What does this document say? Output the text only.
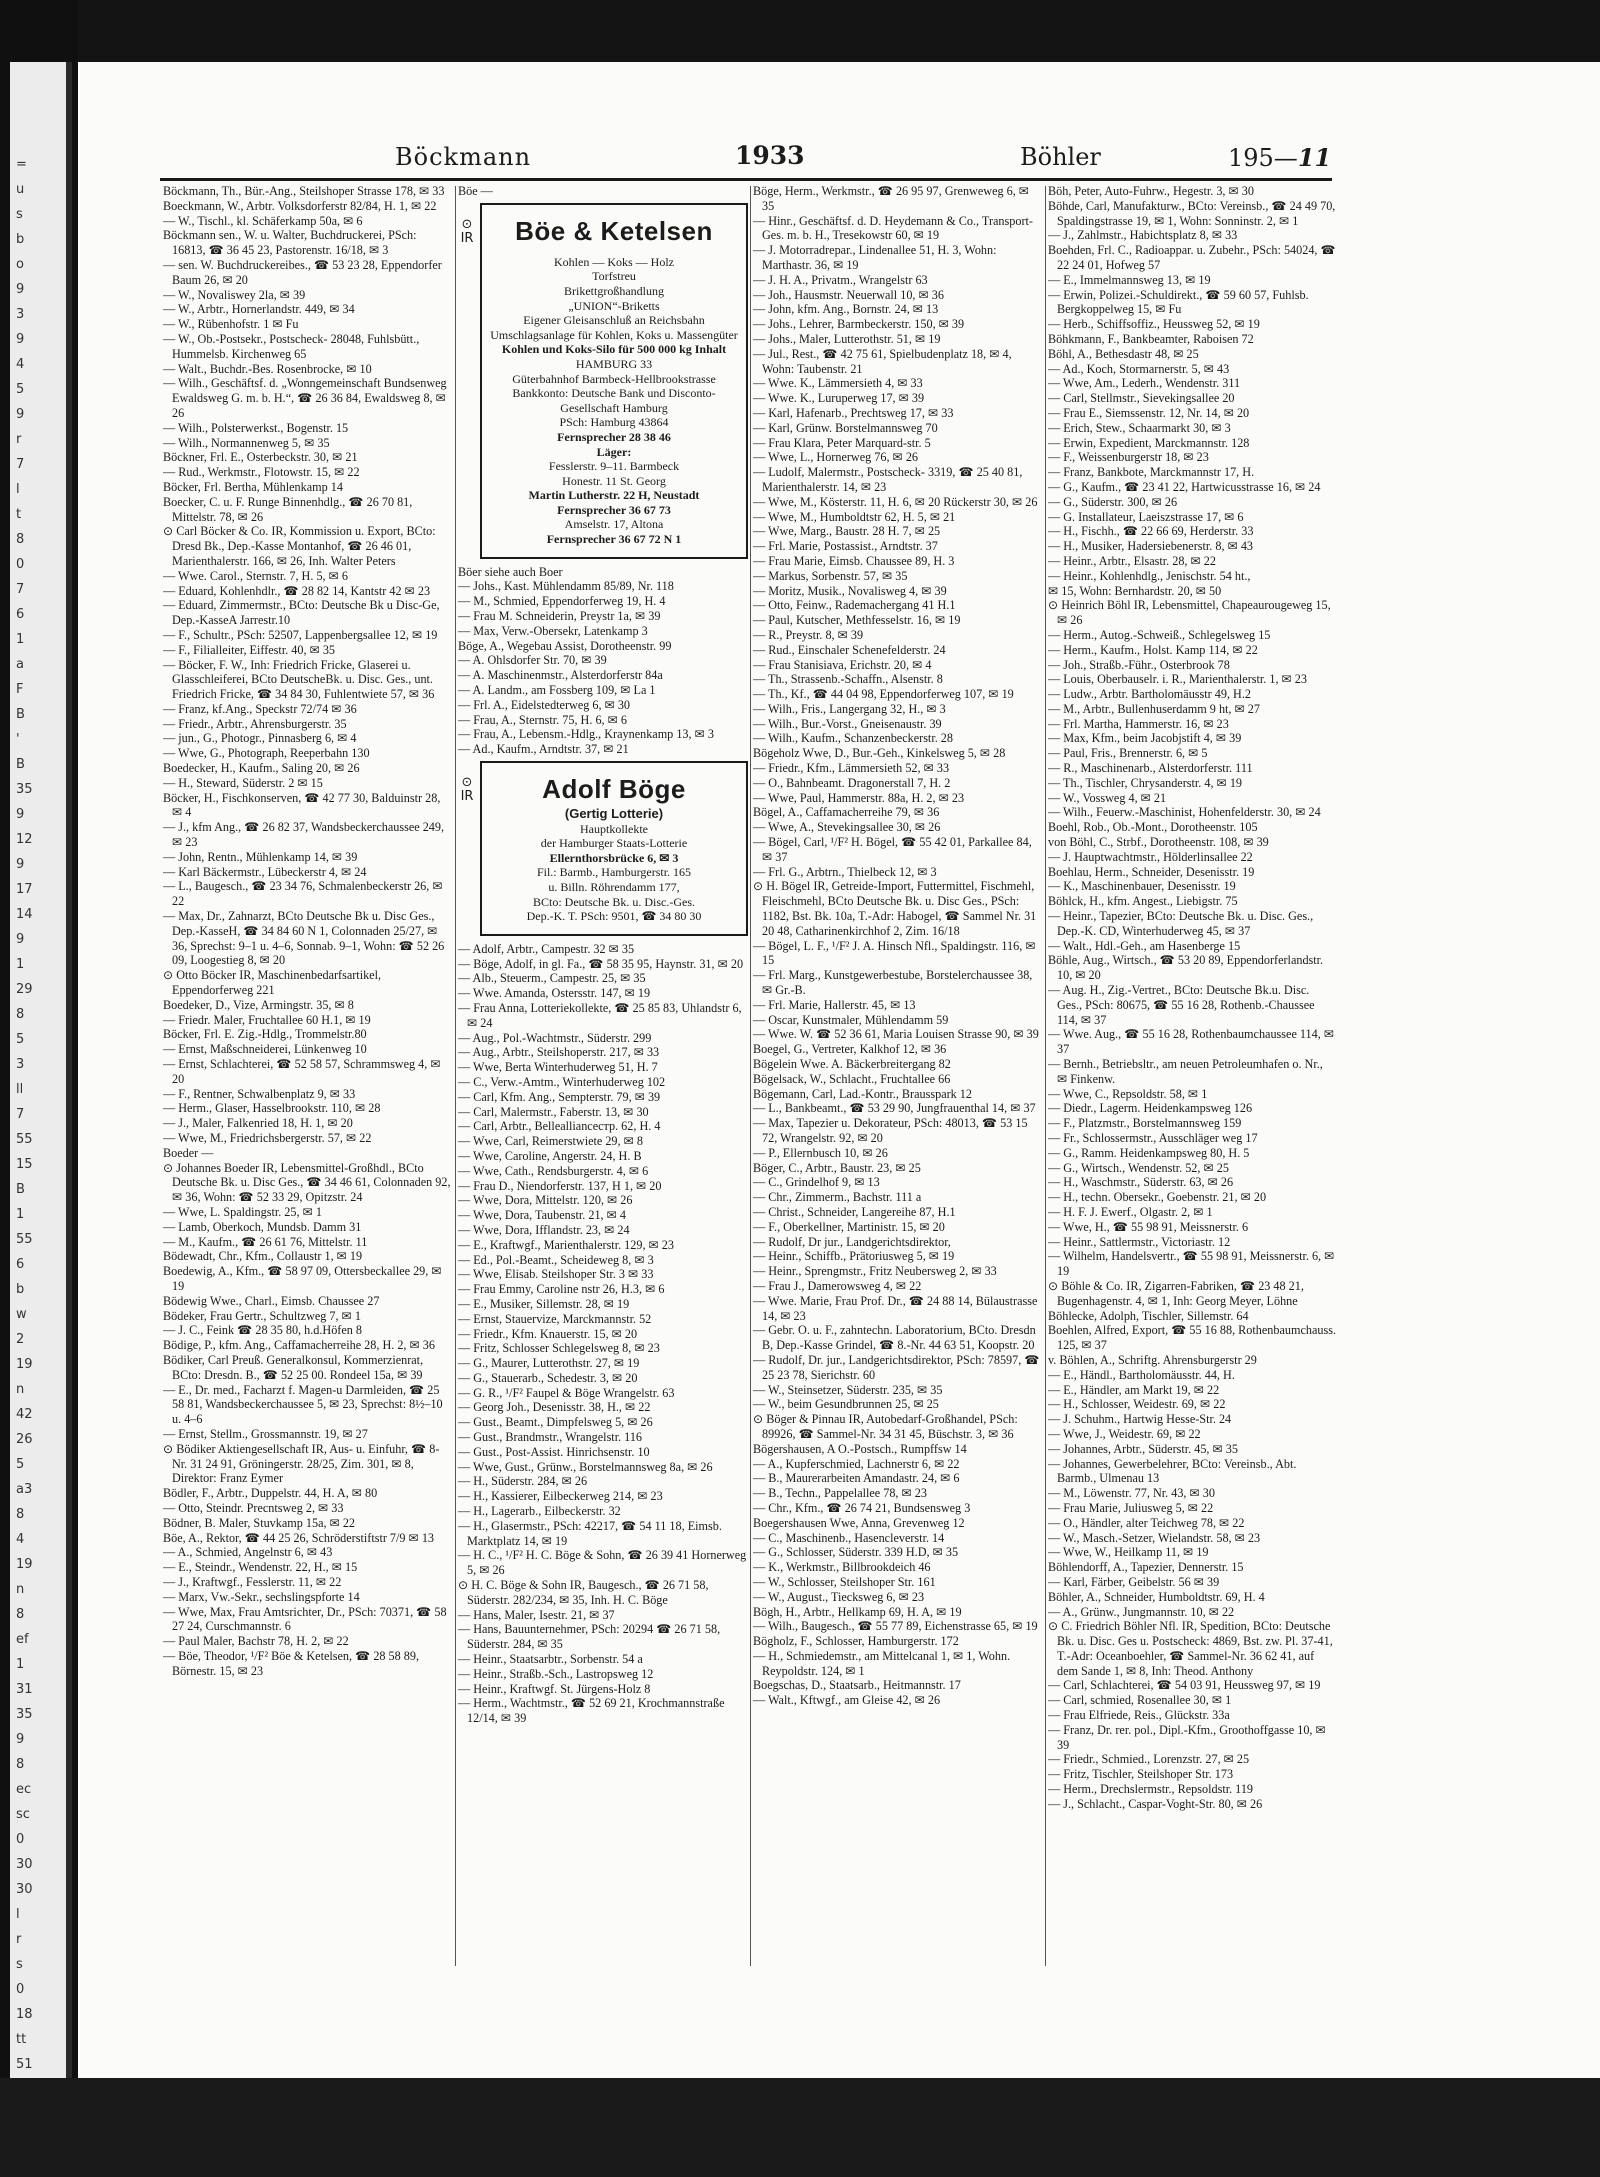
=
u
s
b
o
9
3
9
4
5
9
r
7
l
t
8
0
7
6
1
a
F
B
'
B
35
9
12
9
17
14
9
1
29
8
5
3
ll
7
55
15
B
1
55
6
b
w
2
19
n
42
26
5
a3
8
4
19
n
8
ef
1
31
35
9
8
ec
sc
0
30
30
l
r
s
0
18
tt
51
Böckmann	1933	Böhler	195—11
Böckmann, Th., Bür.-Ang., Steilshoper Strasse 178, ✉ 33
Boeckmann, W., Arbtr. Volksdorferstr 82/84, H. 1, ✉ 22
— W., Tischl., kl. Schäferkamp 50a, ✉ 6
Böckmann sen., W. u. Walter, Buchdruckerei, PSch: 16813, ☎ 36 45 23, Pastorenstr. 16/18, ✉ 3
— sen. W. Buchdruckereibes., ☎ 53 23 28, Eppendorfer Baum 26, ✉ 20
— W., Novaliswey 2la, ✉ 39
— W., Arbtr., Hornerlandstr. 449, ✉ 34
— W., Rübenhofstr. 1 ✉ Fu
— W., Ob.-Postsekr., Postscheck- 28048, Fuhlsbütt., Hummelsb. Kirchenweg 65
— Walt., Buchdr.-Bes. Rosenbrocke, ✉ 10
— Wilh., Geschäftsf. d. „Wonngemeinschaft Bundsenweg Ewaldsweg G. m. b. H.“, ☎ 26 36 84, Ewaldsweg 8, ✉ 26
— Wilh., Polsterwerkst., Bogenstr. 15
— Wilh., Normannenweg 5, ✉ 35
Böckner, Frl. E., Osterbeckstr. 30, ✉ 21
— Rud., Werkmstr., Flotowstr. 15, ✉ 22
Böcker, Frl. Bertha, Mühlenkamp 14
Boecker, C. u. F. Runge Binnenhdlg., ☎ 26 70 81, Mittelstr. 78, ✉ 26
⊙ Carl Böcker & Co. IR, Kommission u. Export, BCto: Dresd Bk., Dep.-Kasse Montanhof, ☎ 26 46 01, Marienthalerstr. 166, ✉ 26, Inh. Walter Peters
— Wwe. Carol., Sternstr. 7, H. 5, ✉ 6
— Eduard, Kohlenhdlr., ☎ 28 82 14, Kantstr 42 ✉ 23
— Eduard, Zimmermstr., BCto: Deutsche Bk u Disc-Ge, Dep.-KasseA Jarrestr.10
— F., Schultr., PSch: 52507, Lappenbergsallee 12, ✉ 19
— F., Filialleiter, Eiffestr. 40, ✉ 35
— Böcker, F. W., Inh: Friedrich Fricke, Glaserei u. Glasschleiferei, BCto DeutscheBk. u. Disc. Ges., unt. Friedrich Fricke, ☎ 34 84 30, Fuhlentwiete 57, ✉ 36
— Franz, kf.Ang., Speckstr 72/74 ✉ 36
— Friedr., Arbtr., Ahrensburgerstr. 35
— jun., G., Photogr., Pinnasberg 6, ✉ 4
— Wwe, G., Photograph, Reeperbahn 130
Boedecker, H., Kaufm., Saling 20, ✉ 26
— H., Steward, Süderstr. 2 ✉ 15
Böcker, H., Fischkonserven, ☎ 42 77 30, Balduinstr 28, ✉ 4
— J., kfm Ang., ☎ 26 82 37, Wandsbeckerchaussee 249, ✉ 23
— John, Rentn., Mühlenkamp 14, ✉ 39
— Karl Bäckermstr., Lübeckerstr 4, ✉ 24
— L., Baugesch., ☎ 23 34 76, Schmalenbeckerstr 26, ✉ 22
— Max, Dr., Zahnarzt, BCto Deutsche Bk u. Disc Ges., Dep.-KasseH, ☎ 34 84 60 N 1, Colonnaden 25/27, ✉ 36, Sprechst: 9–1 u. 4–6, Sonnab. 9–1, Wohn: ☎ 52 26 09, Loogestieg 8, ✉ 20
⊙ Otto Böcker IR, Maschinenbedarfsartikel, Eppendorferweg 221
Boedeker, D., Vize, Armingstr. 35, ✉ 8
— Friedr. Maler, Fruchtallee 60 H.1, ✉ 19
Böcker, Frl. E. Zig.-Hdlg., Trommelstr.80
— Ernst, Maßschneiderei, Lünkenweg 10
— Ernst, Schlachterei, ☎ 52 58 57, Schrammsweg 4, ✉ 20
— F., Rentner, Schwalbenplatz 9, ✉ 33
— Herm., Glaser, Hasselbrookstr. 110, ✉ 28
— J., Maler, Falkenried 18, H. 1, ✉ 20
— Wwe, M., Friedrichsbergerstr. 57, ✉ 22
Boeder —
⊙ Johannes Boeder IR, Lebensmittel-Großhdl., BCto Deutsche Bk. u. Disc Ges., ☎ 34 46 61, Colonnaden 92, ✉ 36, Wohn: ☎ 52 33 29, Opitzstr. 24
— Wwe, L. Spaldingstr. 25, ✉ 1
— Lamb, Oberkoch, Mundsb. Damm 31
— M., Kaufm., ☎ 26 61 76, Mittelstr. 11
Bödewadt, Chr., Kfm., Collaustr 1, ✉ 19
Boedewig, A., Kfm., ☎ 58 97 09, Ottersbeckallee 29, ✉ 19
Bödewig Wwe., Charl., Eimsb. Chaussee 27
Bödeker, Frau Gertr., Schultzweg 7, ✉ 1
— J. C., Feink ☎ 28 35 80, h.d.Höfen 8
Bödige, P., kfm. Ang., Caffamacherreihe 28, H. 2, ✉ 36
Bödiker, Carl Preuß. Generalkonsul, Kommerzienrat, BCto: Dresdn. B., ☎ 52 25 00. Rondeel 15a, ✉ 39
— E., Dr. med., Facharzt f. Magen-u Darmleiden, ☎ 25 58 81, Wandsbeckerchaussee 5, ✉ 23, Sprechst: 8½–10 u. 4–6
— Ernst, Stellm., Grossmannstr. 19, ✉ 27
⊙ Bödiker Aktiengesellschaft IR, Aus- u. Einfuhr, ☎ 8-Nr. 31 24 91, Gröningerstr. 28/25, Zim. 301, ✉ 8, Direktor: Franz Eymer
Bödler, F., Arbtr., Duppelstr. 44, H. A, ✉ 80
— Otto, Steindr. Precntsweg 2, ✉ 33
Bödner, B. Maler, Stuvkamp 15a, ✉ 22
Böe, A., Rektor, ☎ 44 25 26, Schröderstiftstr 7/9 ✉ 13
— A., Schmied, Angelnstr 6, ✉ 43
— E., Steindr., Wendenstr. 22, H., ✉ 15
— J., Kraftwgf., Fesslerstr. 11, ✉ 22
— Marx, Vw.-Sekr., sechslingspforte 14
— Wwe, Max, Frau Amtsrichter, Dr., PSch: 70371, ☎ 58 27 24, Curschmannstr. 6
— Paul Maler, Bachstr 78, H. 2, ✉ 22
— Böe, Theodor, ¹/F² Böe & Ketelsen, ☎ 28 58 89, Börnestr. 15, ✉ 23
Böe —
⊙
IR	Böe & Ketelsen
Kohlen — Koks — Holz
Torfstreu
Brikettgroßhandlung
„UNION“-Briketts
Eigener Gleisanschluß an Reichsbahn
Umschlagsanlage für Kohlen, Koks u. Massengüter
Kohlen und Koks-Silo für 500 000 kg Inhalt
HAMBURG 33
Güterbahnhof Barmbeck-Hellbrookstrasse
Bankkonto: Deutsche Bank und Disconto-Gesellschaft Hamburg
PSch: Hamburg 43864
Fernsprecher 28 38 46
Läger:
Fesslerstr. 9–11. Barmbeck
Honestr. 11 St. Georg
Martin Lutherstr. 22 H, Neustadt
Fernsprecher 36 67 73
Amselstr. 17, Altona
Fernsprecher 36 67 72 N 1
Böer siehe auch Boer
— Johs., Kast. Mühlendamm 85/89, Nr. 118
— M., Schmied, Eppendorferweg 19, H. 4
— Frau M. Schneiderin, Preystr 1a, ✉ 39
— Max, Verw.-Obersekr, Latenkamp 3
Böge, A., Wegebau Assist, Dorotheenstr. 99
— A. Ohlsdorfer Str. 70, ✉ 39
— A. Maschinenmstr., Alsterdorferstr 84a
— A. Landm., am Fossberg 109, ✉ La 1
— Frl. A., Eidelstedterweg 6, ✉ 30
— Frau, A., Sternstr. 75, H. 6, ✉ 6
— Frau, A., Lebensm.-Hdlg., Kraynenkamp 13, ✉ 3
— Ad., Kaufm., Arndtstr. 37, ✉ 21
⊙
IR	Adolf Böge
(Gertig Lotterie)
Hauptkollekte
der Hamburger Staats-Lotterie
Ellernthorsbrücke 6, ✉ 3
Fil.: Barmb., Hamburgerstr. 165
u. Billn. Röhrendamm 177,
BCto: Deutsche Bk. u. Disc.-Ges.
Dep.-K. T. PSch: 9501, ☎ 34 80 30
— Adolf, Arbtr., Campestr. 32 ✉ 35
— Böge, Adolf, in gl. Fa., ☎ 58 35 95, Haynstr. 31, ✉ 20
— Alb., Steuerm., Campestr. 25, ✉ 35
— Wwe. Amanda, Ostersstr. 147, ✉ 19
— Frau Anna, Lotteriekollekte, ☎ 25 85 83, Uhlandstr 6, ✉ 24
— Aug., Pol.-Wachtmstr., Süderstr. 299
— Aug., Arbtr., Steilshoperstr. 217, ✉ 33
— Wwe, Berta Winterhuderweg 51, H. 7
— C., Verw.-Amtm., Winterhuderweg 102
— Carl, Kfm. Ang., Sempterstr. 79, ✉ 39
— Carl, Malermstr., Faberstr. 13, ✉ 30
— Carl, Arbtr., Belleallianceстр. 62, H. 4
— Wwe, Carl, Reimerstwiete 29, ✉ 8
— Wwe, Caroline, Angerstr. 24, H. B
— Wwe, Cath., Rendsburgerstr. 4, ✉ 6
— Frau D., Niendorferstr. 137, H 1, ✉ 20
— Wwe, Dora, Mittelstr. 120, ✉ 26
— Wwe, Dora, Taubenstr. 21, ✉ 4
— Wwe, Dora, Ifflandstr. 23, ✉ 24
— E., Kraftwgf., Marienthalerstr. 129, ✉ 23
— Ed., Pol.-Beamt., Scheideweg 8, ✉ 3
— Wwe, Elisab. Steilshoper Str. 3 ✉ 33
— Frau Emmy, Caroline nstr 26, H.3, ✉ 6
— E., Musiker, Sillemstr. 28, ✉ 19
— Ernst, Stauervize, Marckmannstr. 52
— Friedr., Kfm. Knauerstr. 15, ✉ 20
— Fritz, Schlosser Schlegelsweg 8, ✉ 23
— G., Maurer, Lutterothstr. 27, ✉ 19
— G., Stauerarb., Schedestr. 3, ✉ 20
— G. R., ¹/F² Faupel & Böge Wrangelstr. 63
— Georg Joh., Desenisstr. 38, H., ✉ 22
— Gust., Beamt., Dimpfelsweg 5, ✉ 26
— Gust., Brandmstr., Wrangelstr. 116
— Gust., Post-Assist. Hinrichsenstr. 10
— Wwe, Gust., Grünw., Borstelmannsweg 8a, ✉ 26
— H., Süderstr. 284, ✉ 26
— H., Kassierer, Eilbeckerweg 214, ✉ 23
— H., Lagerarb., Eilbeckerstr. 32
— H., Glasermstr., PSch: 42217, ☎ 54 11 18, Eimsb. Marktplatz 14, ✉ 19
— H. C., ¹/F² H. C. Böge & Sohn, ☎ 26 39 41 Hornerweg 5, ✉ 26
⊙ H. C. Böge & Sohn IR, Baugesch., ☎ 26 71 58, Süderstr. 282/234, ✉ 35, Inh. H. C. Böge
— Hans, Maler, Isestr. 21, ✉ 37
— Hans, Bauunternehmer, PSch: 20294 ☎ 26 71 58, Süderstr. 284, ✉ 35
— Heinr., Staatsarbtr., Sorbenstr. 54 a
— Heinr., Straßb.-Sch., Lastropsweg 12
— Heinr., Kraftwgf. St. Jürgens-Holz 8
— Herm., Wachtmstr., ☎ 52 69 21, Krochmannstraße 12/14, ✉ 39
Böge, Herm., Werkmstr., ☎ 26 95 97, Grenweweg 6, ✉ 35
— Hinr., Geschäftsf. d. D. Heydemann & Co., Transport-Ges. m. b. H., Tresekowstr 60, ✉ 19
— J. Motorradrepar., Lindenallee 51, H. 3, Wohn: Marthastr. 36, ✉ 19
— J. H. A., Privatm., Wrangelstr 63
— Joh., Hausmstr. Neuerwall 10, ✉ 36
— John, kfm. Ang., Bornstr. 24, ✉ 13
— Johs., Lehrer, Barmbeckerstr. 150, ✉ 39
— Johs., Maler, Lutterothstr. 51, ✉ 19
— Jul., Rest., ☎ 42 75 61, Spielbudenplatz 18, ✉ 4, Wohn: Taubenstr. 21
— Wwe. K., Lämmersieth 4, ✉ 33
— Wwe. K., Luruperweg 17, ✉ 39
— Karl, Hafenarb., Prechtsweg 17, ✉ 33
— Karl, Grünw. Borstelmannsweg 70
— Frau Klara, Peter Marquard-str. 5
— Wwe, L., Hornerweg 76, ✉ 26
— Ludolf, Malermstr., Postscheck- 3319, ☎ 25 40 81, Marienthalerstr. 14, ✉ 23
— Wwe, M., Kösterstr. 11, H. 6, ✉ 20 Rückerstr 30, ✉ 26
— Wwe, M., Humboldtstr 62, H. 5, ✉ 21
— Wwe, Marg., Baustr. 28 H. 7, ✉ 25
— Frl. Marie, Postassist., Arndtstr. 37
— Frau Marie, Eimsb. Chaussee 89, H. 3
— Markus, Sorbenstr. 57, ✉ 35
— Moritz, Musik., Novalisweg 4, ✉ 39
— Otto, Feinw., Rademachergang 41 H.1
— Paul, Kutscher, Methfesselstr. 16, ✉ 19
— R., Preystr. 8, ✉ 39
— Rud., Einschaler Schenefelderstr. 24
— Frau Stanisiava, Erichstr. 20, ✉ 4
— Th., Strassenb.-Schaffn., Alsenstr. 8
— Th., Kf., ☎ 44 04 98, Eppendorferweg 107, ✉ 19
— Wilh., Fris., Langergang 32, H., ✉ 3
— Wilh., Bur.-Vorst., Gneisenaustr. 39
— Wilh., Kaufm., Schanzenbeckerstr. 28
Bögeholz Wwe, D., Bur.-Geh., Kinkelsweg 5, ✉ 28
— Friedr., Kfm., Lämmersieth 52, ✉ 33
— O., Bahnbeamt. Dragonerstall 7, H. 2
— Wwe, Paul, Hammerstr. 88a, H. 2, ✉ 23
Bögel, A., Caffamacherreihe 79, ✉ 36
— Wwe, A., Stevekingsallee 30, ✉ 26
— Bögel, Carl, ¹/F² H. Bögel, ☎ 55 42 01, Parkallee 84, ✉ 37
— Frl. G., Arbtrn., Thielbeck 12, ✉ 3
⊙ H. Bögel IR, Getreide-Import, Futtermittel, Fischmehl, Fleischmehl, BCto Deutsche Bk. u. Disc Ges., PSch: 1182, Bst. Bk. 10a, T.-Adr: Habogel, ☎ Sammel Nr. 31 20 48, Catharinenkirchhof 2, Zim. 16/18
— Bögel, L. F., ¹/F² J. A. Hinsch Nfl., Spaldingstr. 116, ✉ 15
— Frl. Marg., Kunstgewerbestube, Borstelerchaussee 38, ✉ Gr.-B.
— Frl. Marie, Hallerstr. 45, ✉ 13
— Oscar, Kunstmaler, Mühlendamm 59
— Wwe. W. ☎ 52 36 61, Maria Louisen Strasse 90, ✉ 39
Boegel, G., Vertreter, Kalkhof 12, ✉ 36
Bögelein Wwe. A. Bäckerbreitergang 82
Bögelsack, W., Schlacht., Fruchtallee 66
Bögemann, Carl, Lad.-Kontr., Brausspark 12
— L., Bankbeamt., ☎ 53 29 90, Jungfrauenthal 14, ✉ 37
— Max, Tapezier u. Dekorateur, PSch: 48013, ☎ 53 15 72, Wrangelstr. 92, ✉ 20
— P., Ellernbusch 10, ✉ 26
Böger, C., Arbtr., Baustr. 23, ✉ 25
— C., Grindelhof 9, ✉ 13
— Chr., Zimmerm., Bachstr. 111 a
— Christ., Schneider, Langereihe 87, H.1
— F., Oberkellner, Martinistr. 15, ✉ 20
— Rudolf, Dr jur., Landgerichtsdirektor,
— Heinr., Schiffb., Prätoriusweg 5, ✉ 19
— Heinr., Sprengmstr., Fritz Neubersweg 2, ✉ 33
— Frau J., Damerowsweg 4, ✉ 22
— Wwe. Marie, Frau Prof. Dr., ☎ 24 88 14, Bülaustrasse 14, ✉ 23
— Gebr. O. u. F., zahntechn. Laboratorium, BCto. Dresdn B, Dep.-Kasse Grindel, ☎ 8.-Nr. 44 63 51, Koopstr. 20
— Rudolf, Dr. jur., Landgerichtsdirektor, PSch: 78597, ☎ 25 23 78, Sierichstr. 60
— W., Steinsetzer, Süderstr. 235, ✉ 35
— W., beim Gesundbrunnen 25, ✉ 25
⊙ Böger & Pinnau IR, Autobedarf-Großhandel, PSch: 89926, ☎ Sammel-Nr. 34 31 45, Büschstr. 3, ✉ 36
Bögershausen, A O.-Postsch., Rumpffsw 14
— A., Kupferschmied, Lachnerstr 6, ✉ 22
— B., Maurerarbeiten Amandastr. 24, ✉ 6
— B., Techn., Pappelallee 78, ✉ 23
— Chr., Kfm., ☎ 26 74 21, Bundsensweg 3
Boegershausen Wwe, Anna, Grevenweg 12
— C., Maschinenb., Hasencleverstr. 14
— G., Schlosser, Süderstr. 339 H.D, ✉ 35
— K., Werkmstr., Billbrookdeich 46
— W., Schlosser, Steilshoper Str. 161
— W., August., Tiecksweg 6, ✉ 23
Bögh, H., Arbtr., Hellkamp 69, H. A, ✉ 19
— Wilh., Baugesch., ☎ 55 77 89, Eichenstrasse 65, ✉ 19
Bögholz, F., Schlosser, Hamburgerstr. 172
— H., Schmiedemstr., am Mittelcanal 1, ✉ 1, Wohn. Reypoldstr. 124, ✉ 1
Boegschas, D., Staatsarb., Heitmannstr. 17
— Walt., Kftwgf., am Gleise 42, ✉ 26
Böh, Peter, Auto-Fuhrw., Hegestr. 3, ✉ 30
Böhde, Carl, Manufakturw., BCto: Vereinsb., ☎ 24 49 70, Spaldingstrasse 19, ✉ 1, Wohn: Sonninstr. 2, ✉ 1
— J., Zahlmstr., Habichtsplatz 8, ✉ 33
Boehden, Frl. C., Radioappar. u. Zubehr., PSch: 54024, ☎ 22 24 01, Hofweg 57
— E., Immelmannsweg 13, ✉ 19
— Erwin, Polizei.-Schuldirekt., ☎ 59 60 57, Fuhlsb. Bergkoppelweg 15, ✉ Fu
— Herb., Schiffsoffiz., Heussweg 52, ✉ 19
Böhkmann, F., Bankbeamter, Raboisen 72
Böhl, A., Bethesdastr 48, ✉ 25
— Ad., Koch, Stormarnerstr. 5, ✉ 43
— Wwe, Am., Lederh., Wendenstr. 311
— Carl, Stellmstr., Sievekingsallee 20
— Frau E., Siemssenstr. 12, Nr. 14, ✉ 20
— Erich, Stew., Schaarmarkt 30, ✉ 3
— Erwin, Expedient, Marckmannstr. 128
— F., Weissenburgerstr 18, ✉ 23
— Franz, Bankbote, Marckmannstr 17, H.
— G., Kaufm., ☎ 23 41 22, Hartwicusstrasse 16, ✉ 24
— G., Süderstr. 300, ✉ 26
— G. Installateur, Laeiszstrasse 17, ✉ 6
— H., Fischh., ☎ 22 66 69, Herderstr. 33
— H., Musiker, Hadersiebenerstr. 8, ✉ 43
— Heinr., Arbtr., Elsastr. 28, ✉ 22
— Heinr., Kohlenhdlg., Jenischstr. 54 ht.,
✉ 15, Wohn: Bernhardstr. 20, ✉ 50
⊙ Heinrich Böhl IR, Lebensmittel, Chapeaurougeweg 15, ✉ 26
— Herm., Autog.-Schweiß., Schlegelsweg 15
— Herm., Kaufm., Holst. Kamp 114, ✉ 22
— Joh., Straßb.-Führ., Osterbrook 78
— Louis, Oberbauselr. i. R., Marienthalerstr. 1, ✉ 23
— Ludw., Arbtr. Bartholomäusstr 49, H.2
— M., Arbtr., Bullenhuserdamm 9 ht, ✉ 27
— Frl. Martha, Hammerstr. 16, ✉ 23
— Max, Kfm., beim Jacobjstift 4, ✉ 39
— Paul, Fris., Brennerstr. 6, ✉ 5
— R., Maschinenarb., Alsterdorferstr. 111
— Th., Tischler, Chrysanderstr. 4, ✉ 19
— W., Vossweg 4, ✉ 21
— Wilh., Feuerw.-Maschinist, Hohenfelderstr. 30, ✉ 24
Boehl, Rob., Ob.-Mont., Dorotheenstr. 105
von Böhl, C., Strbf., Dorotheenstr. 108, ✉ 39
— J. Hauptwachtmstr., Hölderlinsallee 22
Boehlau, Herm., Schneider, Desenisstr. 19
— K., Maschinenbauer, Desenisstr. 19
Böhlck, H., kfm. Angest., Liebigstr. 75
— Heinr., Tapezier, BCto: Deutsche Bk. u. Disc. Ges., Dep.-K. CD, Winterhuderweg 45, ✉ 37
— Walt., Hdl.-Geh., am Hasenberge 15
Böhle, Aug., Wirtsch., ☎ 53 20 89, Eppendorferlandstr. 10, ✉ 20
— Aug. H., Zig.-Vertret., BCto: Deutsche Bk.u. Disc. Ges., PSch: 80675, ☎ 55 16 28, Rothenb.-Chaussee 114, ✉ 37
— Wwe. Aug., ☎ 55 16 28, Rothenbaumchaussee 114, ✉ 37
— Bernh., Betriebsltr., am neuen Petroleumhafen o. Nr., ✉ Finkenw.
— Wwe, C., Repsoldstr. 58, ✉ 1
— Diedr., Lagerm. Heidenkampsweg 126
— F., Platzmstr., Borstelmannsweg 159
— Fr., Schlossermstr., Ausschläger weg 17
— G., Ramm. Heidenkampsweg 80, H. 5
— G., Wirtsch., Wendenstr. 52, ✉ 25
— H., Waschmstr., Süderstr. 63, ✉ 26
— H., techn. Obersekr., Goebenstr. 21, ✉ 20
— H. F. J. Ewerf., Olgastr. 2, ✉ 1
— Wwe, H., ☎ 55 98 91, Meissnerstr. 6
— Heinr., Sattlermstr., Victoriastr. 12
— Wilhelm, Handelsvertr., ☎ 55 98 91, Meissnerstr. 6, ✉ 19
⊙ Böhle & Co. IR, Zigarren-Fabriken, ☎ 23 48 21, Bugenhagenstr. 4, ✉ 1, Inh: Georg Meyer, Löhne
Böhlecke, Adolph, Tischler, Sillemstr. 64
Boehlen, Alfred, Export, ☎ 55 16 88, Rothenbaumchauss. 125, ✉ 37
v. Böhlen, A., Schriftg. Ahrensburgerstr 29
— E., Händl., Bartholomäusstr. 44, H.
— E., Händler, am Markt 19, ✉ 22
— H., Schlosser, Weidestr. 69, ✉ 22
— J. Schuhm., Hartwig Hesse-Str. 24
— Wwe, J., Weidestr. 69, ✉ 22
— Johannes, Arbtr., Süderstr. 45, ✉ 35
— Johannes, Gewerbelehrer, BCto: Vereinsb., Abt. Barmb., Ulmenau 13
— M., Löwenstr. 77, Nr. 43, ✉ 30
— Frau Marie, Juliusweg 5, ✉ 22
— O., Händler, alter Teichweg 78, ✉ 22
— W., Masch.-Setzer, Wielandstr. 58, ✉ 23
— Wwe, W., Heilkamp 11, ✉ 19
Böhlendorff, A., Tapezier, Dennerstr. 15
— Karl, Färber, Geibelstr. 56 ✉ 39
Böhler, A., Schneider, Humboldtstr. 69, H. 4
— A., Grünw., Jungmannstr. 10, ✉ 22
⊙ C. Friedrich Böhler Nfl. IR, Spedition, BCto: Deutsche Bk. u. Disc. Ges u. Postscheck: 4869, Bst. zw. Pl. 37-41, T.-Adr: Oceanboehler, ☎ Sammel-Nr. 36 62 41, auf dem Sande 1, ✉ 8, Inh: Theod. Anthony
— Carl, Schlachterei, ☎ 54 03 91, Heussweg 97, ✉ 19
— Carl, schmied, Rosenallee 30, ✉ 1
— Frau Elfriede, Reis., Glückstr. 33a
— Franz, Dr. rer. pol., Dipl.-Kfm., Groothoffgasse 10, ✉ 39
— Friedr., Schmied., Lorenzstr. 27, ✉ 25
— Fritz, Tischler, Steilshoper Str. 173
— Herm., Drechslermstr., Repsoldstr. 119
— J., Schlacht., Caspar-Voght-Str. 80, ✉ 26
